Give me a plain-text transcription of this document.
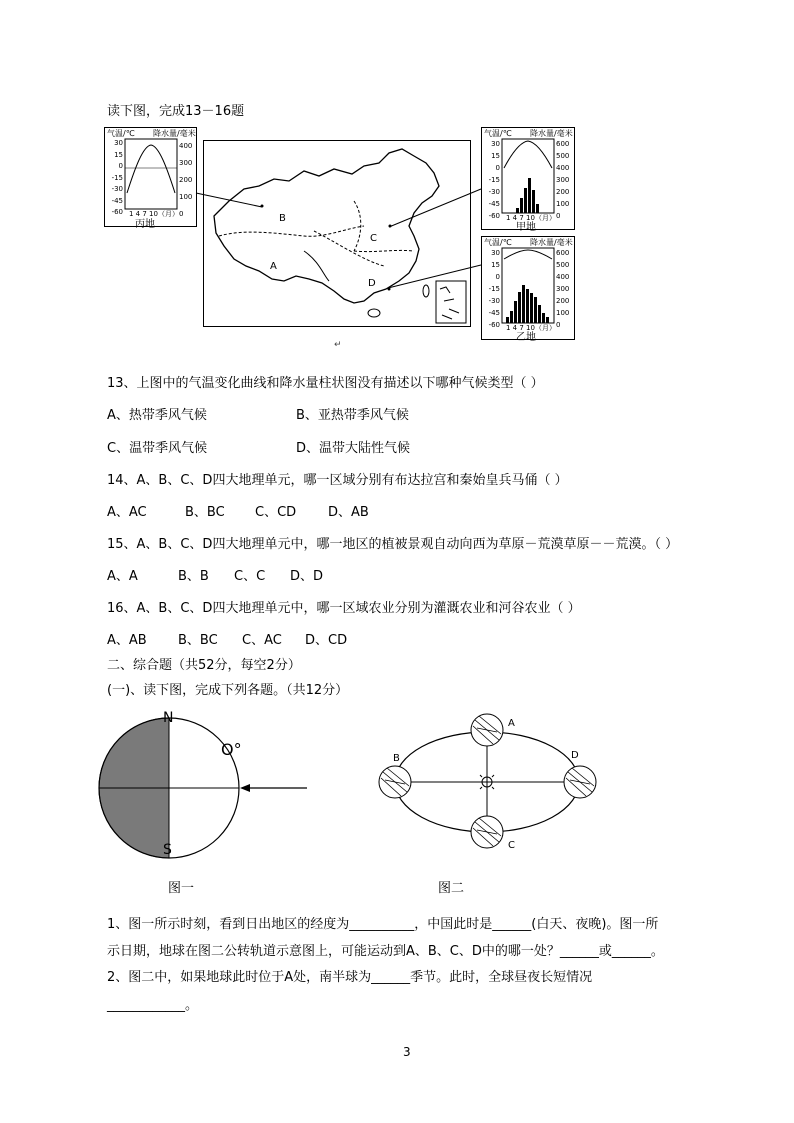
读下图，完成13－16题
B
A
C
D
气温/℃ 降水量/毫米
30
15
0
-15
-30
-45
-60
400
300
200
100
0
1 4 7 10（月）
丙地
气温/℃ 降水量/毫米
30
15
0
-15
-30
-45
-60
600
500
400
300
200
100
0
1 4 7 10（月）
甲地
气温/℃ 降水量/毫米
30
15
0
-15
-30
-45
-60
600
500
400
300
200
100
0
1 4 7 10（月）
乙地
↵
13、上图中的气温变化曲线和降水量柱状图没有描述以下哪种气候类型（ ）
A、热带季风气候	B、亚热带季风气候
C、温带季风气候	D、温带大陆性气候
14、A、B、C、D四大地理单元，哪一区域分别有布达拉宫和秦始皇兵马俑（ ）
A、AC	B、BC C、CD D、AB
15、A、B、C、D四大地理单元中，哪一地区的植被景观自动向西为草原－荒漠草原－－荒漠。（ ）
A、A	B、B C、C D、D
16、A、B、C、D四大地理单元中，哪一区域农业分别为灌溉农业和河谷农业（ ）
A、AB B、BC C、AC D、CD
二、综合题（共52分，每空2分）
(一)、读下图，完成下列各题。（共12分）
N
S
O°
图一
A
B
C
D
图二
1、图一所示时刻，看到日出地区的经度为__________，中国此时是______(白天、夜晚)。图一所
示日期，地球在图二公转轨道示意图上，可能运动到A、B、C、D中的哪一处？______或______。
2、图二中，如果地球此时位于A处，南半球为______季节。此时，全球昼夜长短情况
____________。
3
